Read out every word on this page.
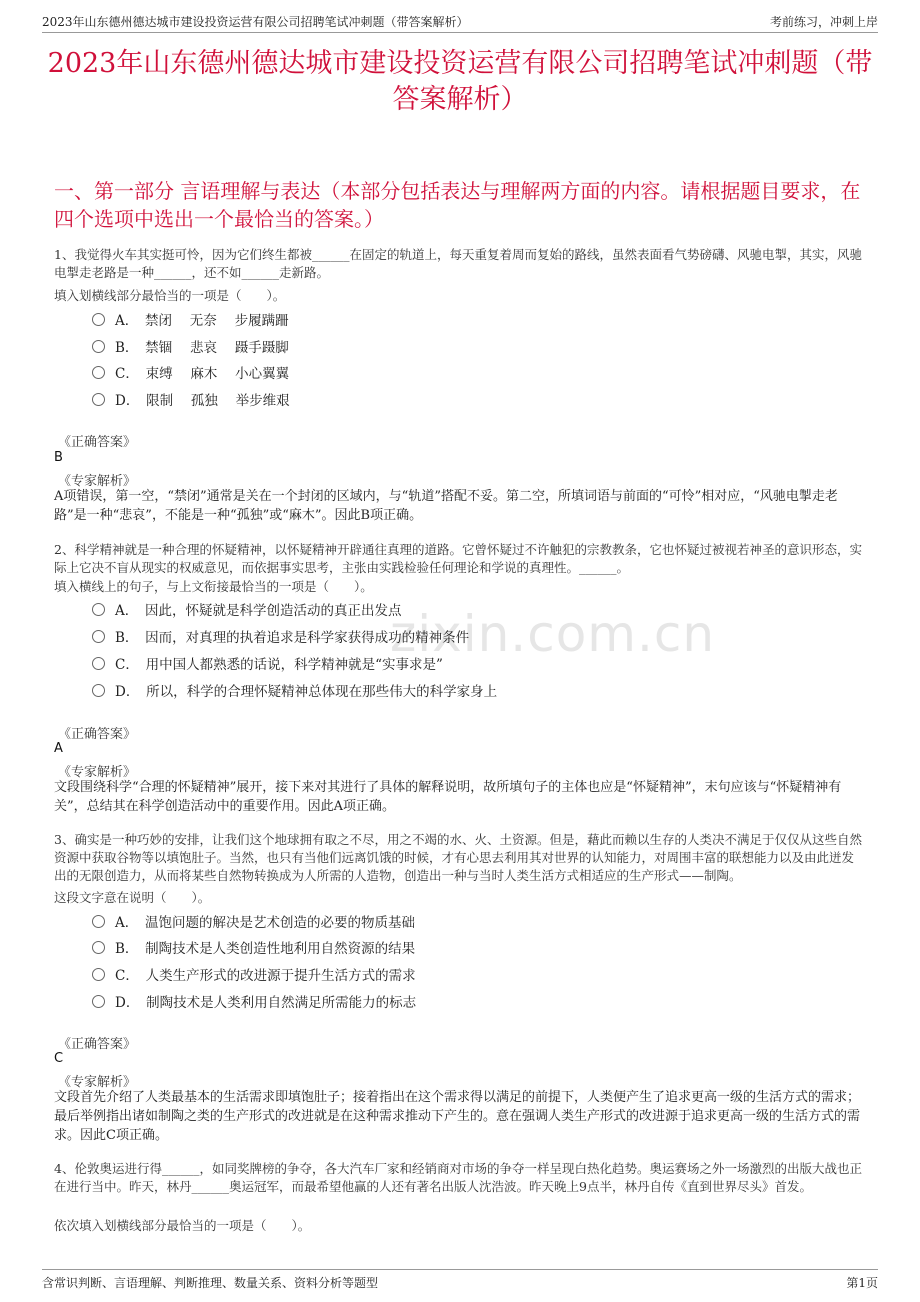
2023年山东德州德达城市建设投资运营有限公司招聘笔试冲刺题（带答案解析）	考前练习，冲刺上岸
2023年山东德州德达城市建设投资运营有限公司招聘笔试冲刺题（带答案解析）
一、第一部分 言语理解与表达（本部分包括表达与理解两方面的内容。请根据题目要求，在四个选项中选出一个最恰当的答案。）
zixin.com.cn
1、我觉得火车其实挺可怜，因为它们终生都被______在固定的轨道上，每天重复着周而复始的路线，虽然表面看气势磅礴、风驰电掣，其实，风驰电掣走老路是一种______，还不如______走新路。
填入划横线部分最恰当的一项是（　　）。
A．　禁闭　 无奈　 步履蹒跚
B．　禁锢　 悲哀　 蹑手蹑脚
C．　束缚　 麻木　 小心翼翼
D．　限制　 孤独　 举步维艰
《正确答案》
B
《专家解析》
A项错误，第一空，“禁闭”通常是关在一个封闭的区域内，与“轨道”搭配不妥。第二空，所填词语与前面的“可怜”相对应，“风驰电掣走老路”是一种“悲哀”，不能是一种“孤独”或“麻木”。因此B项正确。
2、科学精神就是一种合理的怀疑精神，以怀疑精神开辟通往真理的道路。它曾怀疑过不许触犯的宗教教条，它也怀疑过被视若神圣的意识形态，实际上它决不盲从现实的权威意见，而依据事实思考，主张由实践检验任何理论和学说的真理性。______。
填入横线上的句子，与上文衔接最恰当的一项是（　　）。
A．　因此，怀疑就是科学创造活动的真正出发点
B．　因而，对真理的执着追求是科学家获得成功的精神条件
C．　用中国人都熟悉的话说，科学精神就是“实事求是”
D．　所以，科学的合理怀疑精神总体现在那些伟大的科学家身上
《正确答案》
A
《专家解析》
文段围绕科学“合理的怀疑精神”展开，接下来对其进行了具体的解释说明，故所填句子的主体也应是“怀疑精神”，末句应该与“怀疑精神有关”，总结其在科学创造活动中的重要作用。因此A项正确。
3、确实是一种巧妙的安排，让我们这个地球拥有取之不尽，用之不竭的水、火、土资源。但是，藉此而赖以生存的人类决不满足于仅仅从这些自然资源中获取谷物等以填饱肚子。当然，也只有当他们远离饥饿的时候，才有心思去利用其对世界的认知能力，对周围丰富的联想能力以及由此迸发出的无限创造力，从而将某些自然物转换成为人所需的人造物，创造出一种与当时人类生活方式相适应的生产形式——制陶。
这段文字意在说明（　　）。
A．　温饱问题的解决是艺术创造的必要的物质基础
B．　制陶技术是人类创造性地利用自然资源的结果
C．　人类生产形式的改进源于提升生活方式的需求
D．　制陶技术是人类利用自然满足所需能力的标志
《正确答案》
C
《专家解析》
文段首先介绍了人类最基本的生活需求即填饱肚子；接着指出在这个需求得以满足的前提下，人类便产生了追求更高一级的生活方式的需求；最后举例指出诸如制陶之类的生产形式的改进就是在这种需求推动下产生的。意在强调人类生产形式的改进源于追求更高一级的生活方式的需求。因此C项正确。
4、伦敦奥运进行得______，如同奖牌榜的争夺，各大汽车厂家和经销商对市场的争夺一样呈现白热化趋势。奥运赛场之外一场激烈的出版大战也正在进行当中。昨天，林丹______奥运冠军，而最希望他赢的人还有著名出版人沈浩波。昨天晚上9点半，林丹自传《直到世界尽头》首发。
依次填入划横线部分最恰当的一项是（　　）。
含常识判断、言语理解、判断推理、数量关系、资料分析等题型	第1页
